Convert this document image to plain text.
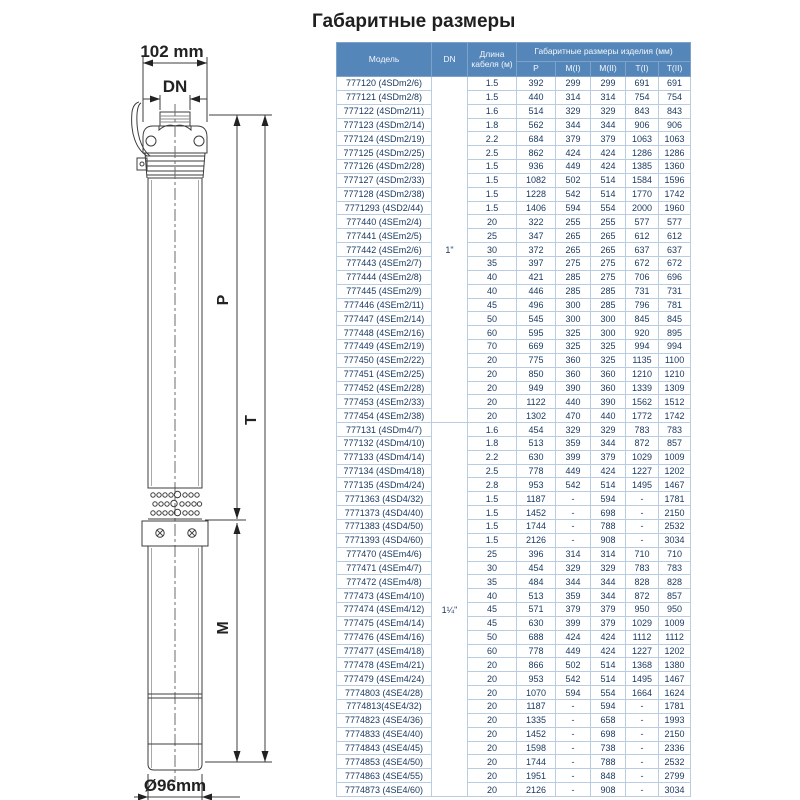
Габаритные размеры
102 mm
DN
P
M
T
Ø96mm
Модель	DN	Длина кабеля (м)	Габаритные размеры изделия (мм)				
			P	M(I)	M(II)	T(I)	T(II)
777120 (4SDm2/6)	1"	1.5	392	299	299	691	691
777121 (4SDm2/8)		1.5	440	314	314	754	754
777122 (4SDm2/11)		1.6	514	329	329	843	843
777123 (4SDm2/14)		1.8	562	344	344	906	906
777124 (4SDm2/19)		2.2	684	379	379	1063	1063
777125 (4SDm2/25)		2.5	862	424	424	1286	1286
777126 (4SDm2/28)		1.5	936	449	424	1385	1360
777127 (4SDm2/33)		1.5	1082	502	514	1584	1596
777128 (4SDm2/38)		1.5	1228	542	514	1770	1742
7771293 (4SD2/44)		1.5	1406	594	554	2000	1960
777440 (4SEm2/4)		20	322	255	255	577	577
777441 (4SEm2/5)		25	347	265	265	612	612
777442 (4SEm2/6)		30	372	265	265	637	637
777443 (4SEm2/7)		35	397	275	275	672	672
777444 (4SEm2/8)		40	421	285	275	706	696
777445 (4SEm2/9)		40	446	285	285	731	731
777446 (4SEm2/11)		45	496	300	285	796	781
777447 (4SEm2/14)		50	545	300	300	845	845
777448 (4SEm2/16)		60	595	325	300	920	895
777449 (4SEm2/19)		70	669	325	325	994	994
777450 (4SEm2/22)		20	775	360	325	1135	1100
777451 (4SEm2/25)		20	850	360	360	1210	1210
777452 (4SEm2/28)		20	949	390	360	1339	1309
777453 (4SEm2/33)		20	1122	440	390	1562	1512
777454 (4SEm2/38)		20	1302	470	440	1772	1742
777131 (4SDm4/7)	1¼"	1.6	454	329	329	783	783
777132 (4SDm4/10)		1.8	513	359	344	872	857
777133 (4SDm4/14)		2.2	630	399	379	1029	1009
777134 (4SDm4/18)		2.5	778	449	424	1227	1202
777135 (4SDm4/24)		2.8	953	542	514	1495	1467
7771363 (4SD4/32)		1.5	1187	-	594	-	1781
7771373 (4SD4/40)		1.5	1452	-	698	-	2150
7771383 (4SD4/50)		1.5	1744	-	788	-	2532
7771393 (4SD4/60)		1.5	2126	-	908	-	3034
777470 (4SEm4/6)		25	396	314	314	710	710
777471 (4SEm4/7)		30	454	329	329	783	783
777472 (4SEm4/8)		35	484	344	344	828	828
777473 (4SEm4/10)		40	513	359	344	872	857
777474 (4SEm4/12)		45	571	379	379	950	950
777475 (4SEm4/14)		45	630	399	379	1029	1009
777476 (4SEm4/16)		50	688	424	424	1112	1112
777477 (4SEm4/18)		60	778	449	424	1227	1202
777478 (4SEm4/21)		20	866	502	514	1368	1380
777479 (4SEm4/24)		20	953	542	514	1495	1467
7774803 (4SE4/28)		20	1070	594	554	1664	1624
7774813(4SE4/32)		20	1187	-	594	-	1781
7774823 (4SE4/36)		20	1335	-	658	-	1993
7774833 (4SE4/40)		20	1452	-	698	-	2150
7774843 (4SE4/45)		20	1598	-	738	-	2336
7774853 (4SE4/50)		20	1744	-	788	-	2532
7774863 (4SE4/55)		20	1951	-	848	-	2799
7774873 (4SE4/60)		20	2126	-	908	-	3034
